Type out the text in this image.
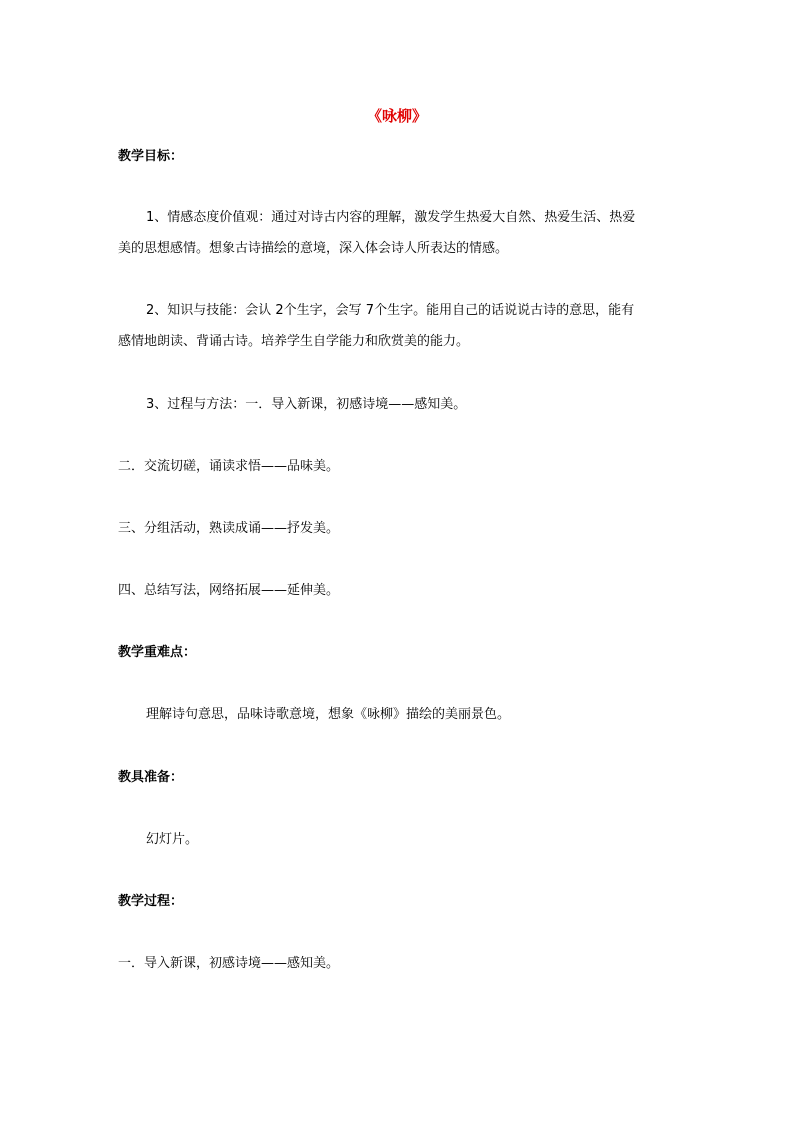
《咏柳》
教学目标：
1、情感态度价值观：通过对诗古内容的理解，激发学生热爱大自然、热爱生活、热爱
美的思想感情。想象古诗描绘的意境，深入体会诗人所表达的情感。
2、知识与技能：会认 2个生字，会写 7个生字。能用自己的话说说古诗的意思，能有
感情地朗读、背诵古诗。培养学生自学能力和欣赏美的能力。
3、过程与方法：一．导入新课，初感诗境——感知美。
二．交流切磋，诵读求悟——品味美。
三、分组活动，熟读成诵——抒发美。
四、总结写法，网络拓展——延伸美。
教学重难点：
理解诗句意思，品味诗歌意境，想象《咏柳》描绘的美丽景色。
教具准备：
幻灯片。
教学过程：
一．导入新课，初感诗境——感知美。
